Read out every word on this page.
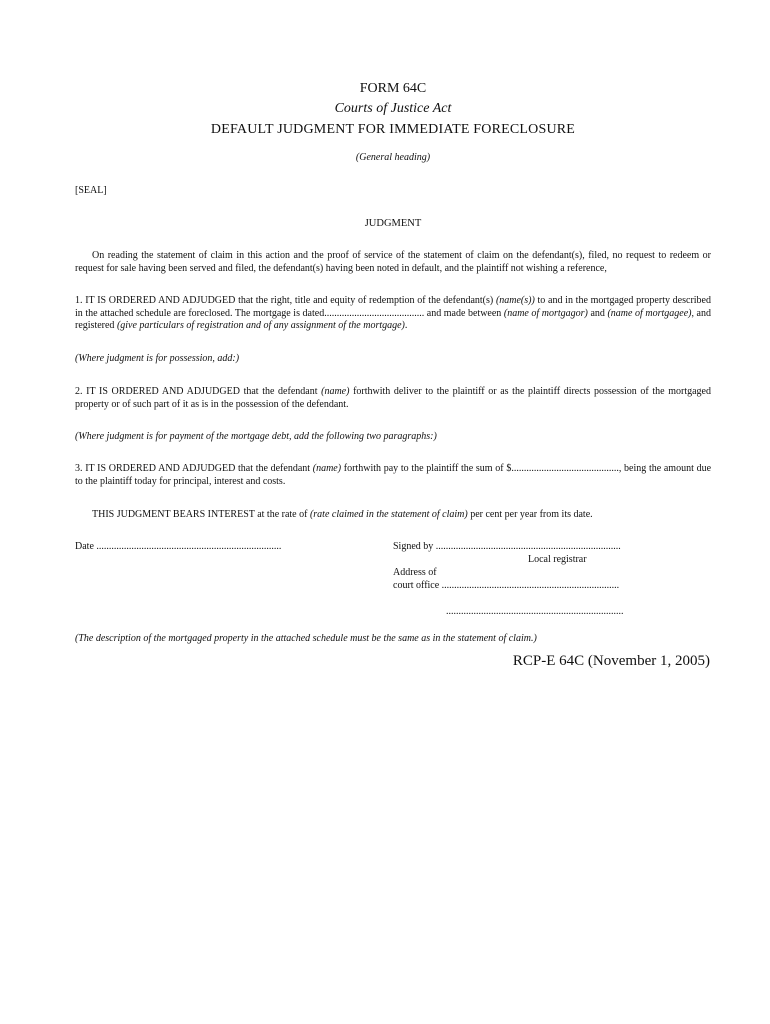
FORM 64C
Courts of Justice Act
DEFAULT JUDGMENT FOR IMMEDIATE FORECLOSURE
(General heading)
[SEAL]
JUDGMENT
On reading the statement of claim in this action and the proof of service of the statement of claim on the defendant(s), filed, no request to redeem or request for sale having been served and filed, the defendant(s) having been noted in default, and the plaintiff not wishing a reference,
1. IT IS ORDERED AND ADJUDGED that the right, title and equity of redemption of the defendant(s) (name(s)) to and in the mortgaged property described in the attached schedule are foreclosed. The mortgage is dated........................................ and made between (name of mortgagor) and (name of mortgagee), and registered (give particulars of registration and of any assignment of the mortgage).
(Where judgment is for possession, add:)
2. IT IS ORDERED AND ADJUDGED that the defendant (name) forthwith deliver to the plaintiff or as the plaintiff directs possession of the mortgaged property or of such part of it as is in the possession of the defendant.
(Where judgment is for payment of the mortgage debt, add the following two paragraphs:)
3. IT IS ORDERED AND ADJUDGED that the defendant (name) forthwith pay to the plaintiff the sum of $..........................................., being the amount due to the plaintiff today for principal, interest and costs.
THIS JUDGMENT BEARS INTEREST at the rate of (rate claimed in the statement of claim) per cent per year from its date.
Date ..........................................................................	Signed by ..........................................................................
Local registrar
Address of
court office .......................................................................
.......................................................................
(The description of the mortgaged property in the attached schedule must be the same as in the statement of claim.)
RCP-E 64C (November 1, 2005)
